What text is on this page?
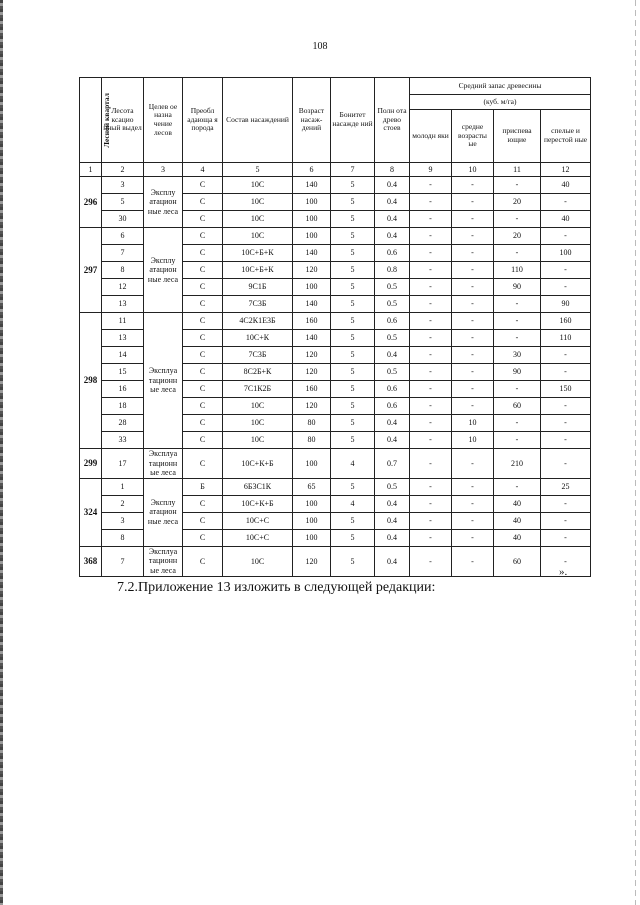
108
Лесной квартал	Лесота ксацио нный выдел	Целев ое назна чение лесов	Преобл адающа я порода	Состав насаждений	Возраст насаж-дений	Бонитет насажде ний	Полн ота древо стоев	Средний запас древесины			
								(куб. м/га)			
								молодн яки	средне возрасты ые	приспева ющие	спелые и перестой ные
1	2	3	4	5	6	7	8	9	10	11	12
296	3	Эксплу атацион ные леса	С	10С	140	5	0.4	-	-	-	40
	5		С	10С	100	5	0.4	-	-	20	-
	30		С	10С	100	5	0.4	-	-	-	40
297	6	Эксплу атацион ные леса	С	10С	100	5	0.4	-	-	20	-
	7		С	10С+Б+К	140	5	0.6	-	-	-	100
	8		С	10С+Б+К	120	5	0.8	-	-	110	-
	12		С	9С1Б	100	5	0.5	-	-	90	-
	13		С	7С3Б	140	5	0.5	-	-	-	90
298	11	Эксплуа тационн ые леса	С	4С2К1Е3Б	160	5	0.6	-	-	-	160
	13		С	10С+К	140	5	0.5	-	-	-	110
	14		С	7С3Б	120	5	0.4	-	-	30	-
	15		С	8С2Б+К	120	5	0.5	-	-	90	-
	16		С	7С1К2Б	160	5	0.6	-	-	-	150
	18		С	10С	120	5	0.6	-	-	60	-
	28		С	10С	80	5	0.4	-	10	-	-
	33		С	10С	80	5	0.4	-	10	-	-
299	17	Эксплуа тационн ые леса	С	10С+К+Б	100	4	0.7	-	-	210	-
324	1	Эксплу атацион ные леса	Б	6Б3С1К	65	5	0.5	-	-	-	25
	2		С	10С+К+Б	100	4	0.4	-	-	40	-
	3		С	10С+С	100	5	0.4	-	-	40	-
	8		С	10С+С	100	5	0.4	-	-	40	-
368	7	Эксплуа тационн ые леса	С	10С	120	5	0.4	-	-	60	-
».
7.2.Приложение 13 изложить в следующей редакции:
